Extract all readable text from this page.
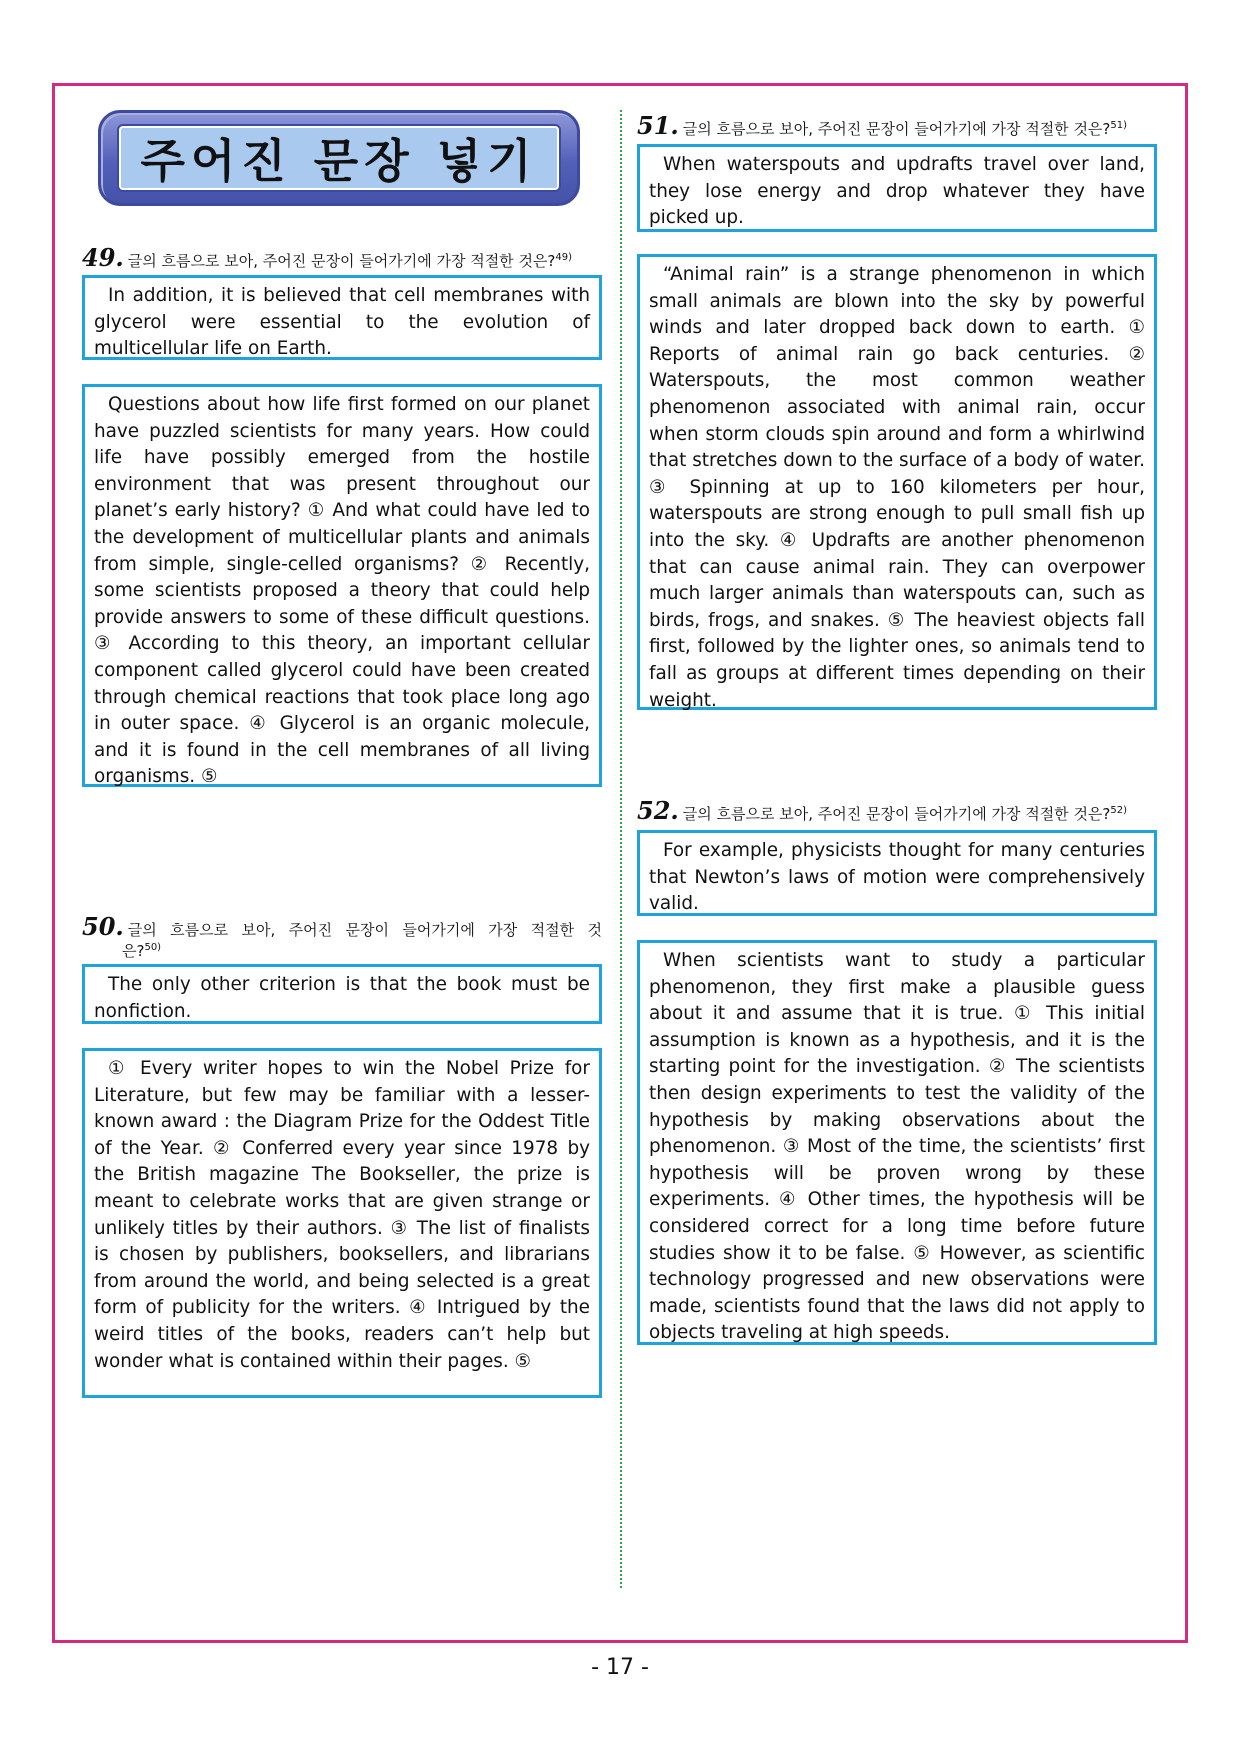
주어진 문장 넣기
49. 글의 흐름으로 보아, 주어진 문장이 들어가기에 가장 적절한 것은?$^{49)}$

In addition, it is believed that cell membranes with glycerol were essential to the evolution of multicellular life on Earth.

Questions about how life first formed on our planet have puzzled scientists for many years. How could life have possibly emerged from the hostile environment that was present throughout our planet’s early history? ① And what could have led to the development of multicellular plants and animals from simple, single-celled organisms? ② Recently, some scientists proposed a theory that could help provide answers to some of these difficult questions. ③ According to this theory, an important cellular component called glycerol could have been created through chemical reactions that took place long ago in outer space. ④ Glycerol is an organic molecule, and it is found in the cell membranes of all living organisms. ⑤

50. 글의 흐름으로 보아, 주어진 문장이 들어가기에 가장 적절한 것
은?$^{50)}$

The only other criterion is that the book must be nonfiction.

① Every writer hopes to win the Nobel Prize for Literature, but few may be familiar with a lesser-known award : the Diagram Prize for the Oddest Title of the Year. ② Conferred every year since 1978 by the British magazine The Bookseller, the prize is meant to celebrate works that are given strange or unlikely titles by their authors. ③ The list of finalists is chosen by publishers, booksellers, and librarians from around the world, and being selected is a great form of publicity for the writers. ④ Intrigued by the weird titles of the books, readers can’t help but wonder what is contained within their pages. ⑤

51. 글의 흐름으로 보아, 주어진 문장이 들어가기에 가장 적절한 것은?$^{51)}$

When waterspouts and updrafts travel over land, they lose energy and drop whatever they have picked up.

“Animal rain” is a strange phenomenon in which small animals are blown into the sky by powerful winds and later dropped back down to earth. ① Reports of animal rain go back centuries. ② Waterspouts, the most common weather phenomenon associated with animal rain, occur when storm clouds spin around and form a whirlwind that stretches down to the surface of a body of water. ③ Spinning at up to 160 kilometers per hour, waterspouts are strong enough to pull small fish up into the sky. ④ Updrafts are another phenomenon that can cause animal rain. They can overpower much larger animals than waterspouts can, such as birds, frogs, and snakes. ⑤ The heaviest objects fall first, followed by the lighter ones, so animals tend to fall as groups at different times depending on their weight.

52. 글의 흐름으로 보아, 주어진 문장이 들어가기에 가장 적절한 것은?$^{52)}$

For example, physicists thought for many centuries that Newton’s laws of motion were comprehensively valid.

When scientists want to study a particular phenomenon, they first make a plausible guess about it and assume that it is true. ① This initial assumption is known as a hypothesis, and it is the starting point for the investigation. ② The scientists then design experiments to test the validity of the hypothesis by making observations about the phenomenon. ③ Most of the time, the scientists’ first hypothesis will be proven wrong by these experiments. ④ Other times, the hypothesis will be considered correct for a long time before future studies show it to be false. ⑤ However, as scientific technology progressed and new observations were made, scientists found that the laws did not apply to objects traveling at high speeds.

- 17 -
